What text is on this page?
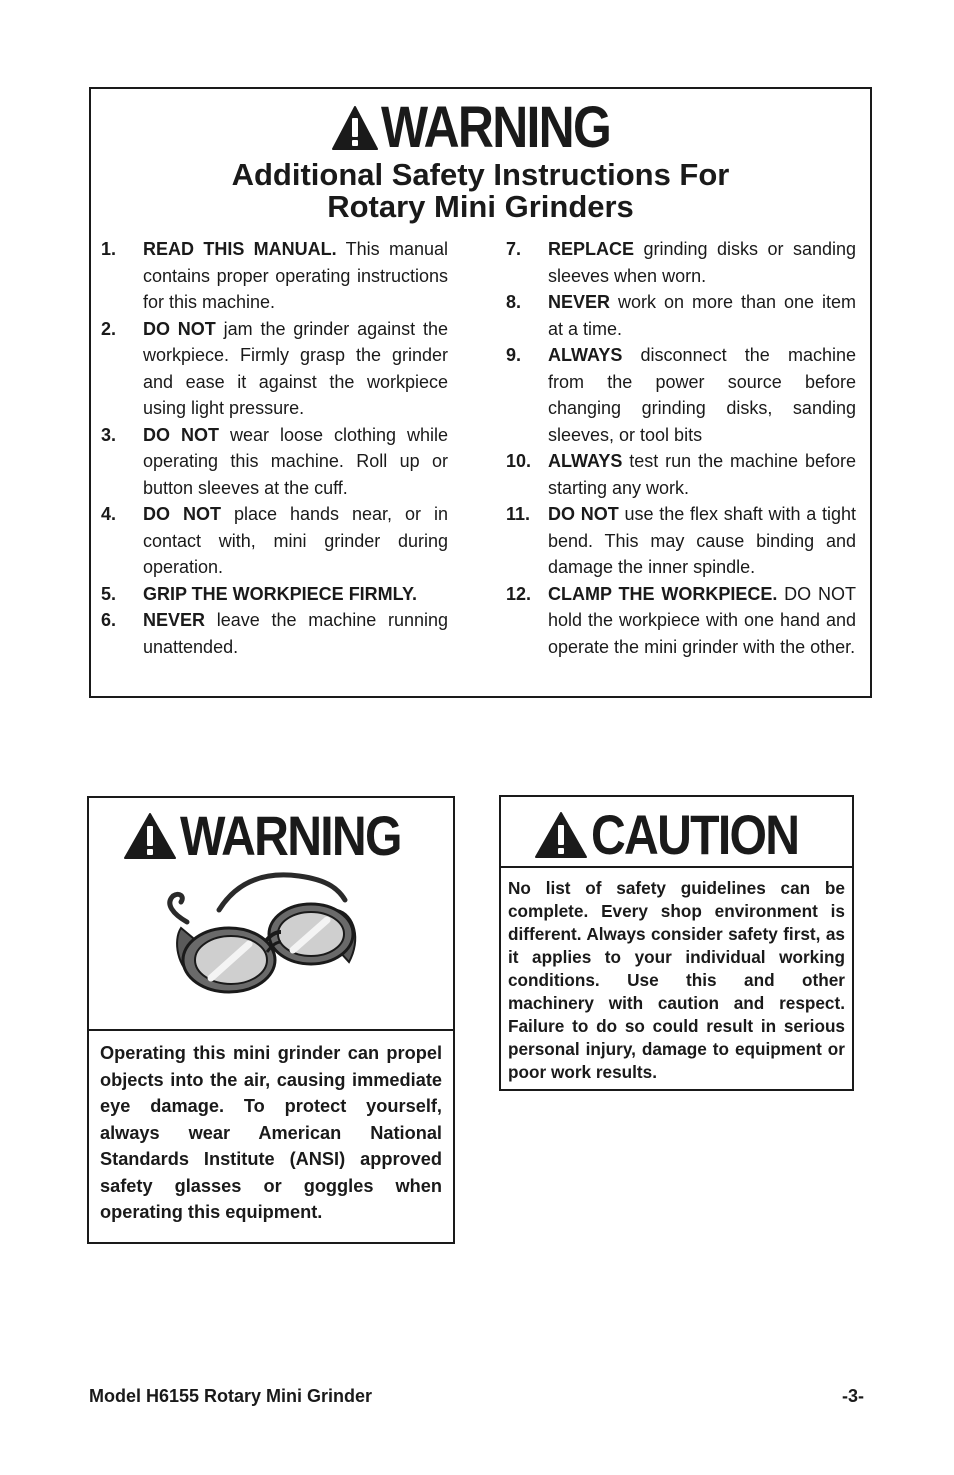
WARNING
Additional Safety Instructions For
Rotary Mini Grinders

1.	READ THIS MANUAL. This manual contains proper operating instructions for this machine.

2.	DO NOT jam the grinder against the workpiece. Firmly grasp the grinder and ease it against the workpiece using light pressure.

3.	DO NOT wear loose clothing while operating this machine. Roll up or button sleeves at the cuff.

4.	DO NOT place hands near, or in contact with, mini grinder during operation.

5.	GRIP THE WORKPIECE FIRMLY.

6.	NEVER leave the machine running unattended.

7.	REPLACE grinding disks or sanding sleeves when worn.

8.	NEVER work on more than one item at a time.

9.	ALWAYS disconnect the machine from the power source before changing grinding disks, sanding sleeves, or tool bits

10. ALWAYS test run the machine before starting any work.

11. DO NOT use the flex shaft with a tight bend. This may cause binding and damage the inner spindle.

12. CLAMP THE WORKPIECE. DO NOT hold the workpiece with one hand and operate the mini grinder with the other.

WARNING

Operating this mini grinder can propel objects into the air, causing immediate eye damage. To protect yourself, always wear American National Standards Institute (ANSI) approved safety glasses or goggles when operating this equipment.

CAUTION

No list of safety guidelines can be complete. Every shop environment is different. Always consider safety first, as it applies to your individual working conditions. Use this and other machinery with caution and respect. Failure to do so could result in serious personal injury, damage to equipment or poor work results.

Model H6155 Rotary Mini Grinder	-3-
